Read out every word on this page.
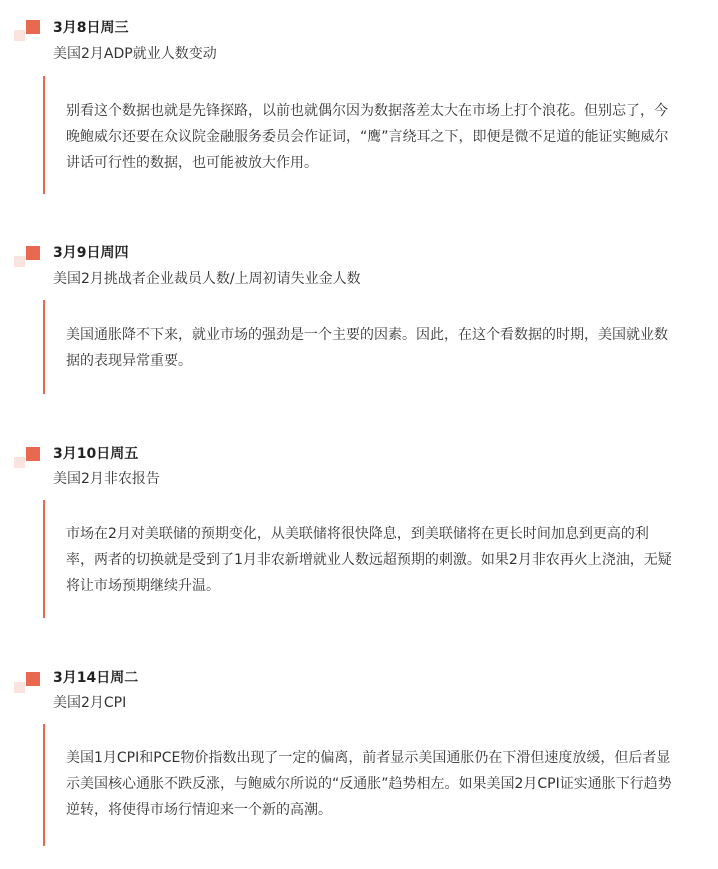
3月8日周三
美国2月ADP就业人数变动
别看这个数据也就是先锋探路，以前也就偶尔因为数据落差太大在市场上打个浪花。但别忘了，今晚鲍威尔还要在众议院金融服务委员会作证词，“鹰”言绕耳之下，即便是微不足道的能证实鲍威尔讲话可行性的数据，也可能被放大作用。
3月9日周四
美国2月挑战者企业裁员人数/上周初请失业金人数
美国通胀降不下来，就业市场的强劲是一个主要的因素。因此，在这个看数据的时期，美国就业数据的表现异常重要。
3月10日周五
美国2月非农报告
市场在2月对美联储的预期变化，从美联储将很快降息，到美联储将在更长时间加息到更高的利率，两者的切换就是受到了1月非农新增就业人数远超预期的刺激。如果2月非农再火上浇油，无疑将让市场预期继续升温。
3月14日周二
美国2月CPI
美国1月CPI和PCE物价指数出现了一定的偏离，前者显示美国通胀仍在下滑但速度放缓，但后者显示美国核心通胀不跌反涨，与鲍威尔所说的“反通胀”趋势相左。如果美国2月CPI证实通胀下行趋势逆转，将使得市场行情迎来一个新的高潮。
